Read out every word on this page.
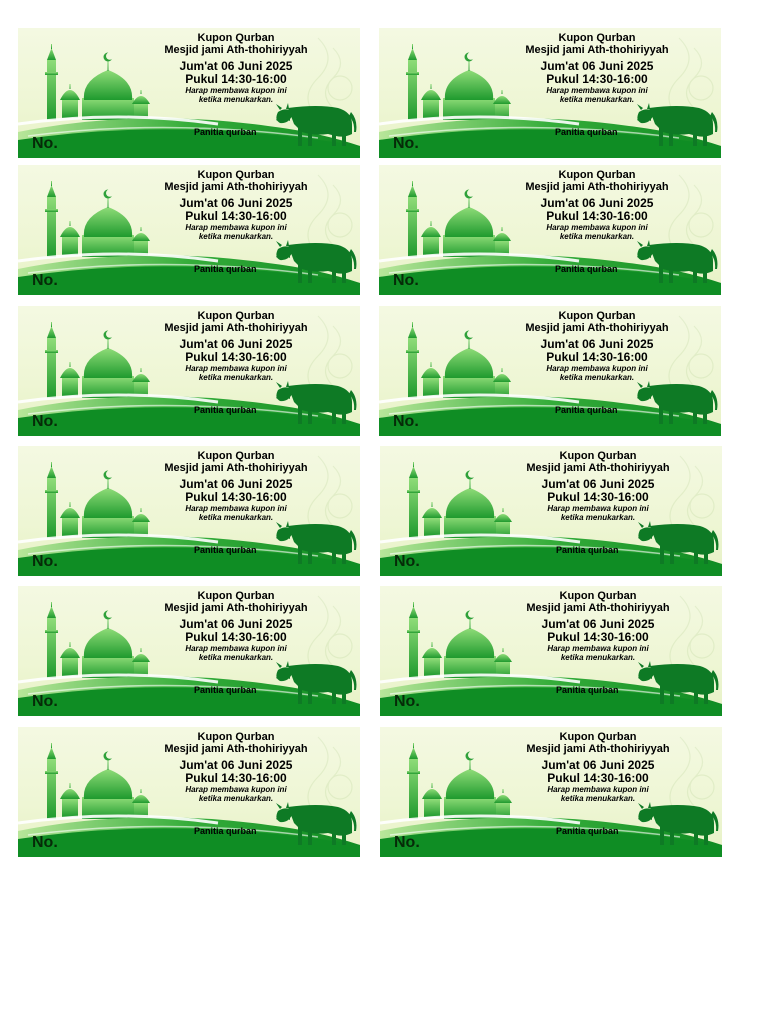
Kupon Qurban
Mesjid jami Ath-thohiriyyah
Jum'at 06 Juni 2025
Pukul 14:30-16:00
Harap membawa kupon ini
ketika menukarkan.
Panitia qurban
No.
Kupon Qurban
Mesjid jami Ath-thohiriyyah
Jum'at 06 Juni 2025
Pukul 14:30-16:00
Harap membawa kupon ini
ketika menukarkan.
Panitia qurban
No.
Kupon Qurban
Mesjid jami Ath-thohiriyyah
Jum'at 06 Juni 2025
Pukul 14:30-16:00
Harap membawa kupon ini
ketika menukarkan.
Panitia qurban
No.
Kupon Qurban
Mesjid jami Ath-thohiriyyah
Jum'at 06 Juni 2025
Pukul 14:30-16:00
Harap membawa kupon ini
ketika menukarkan.
Panitia qurban
No.
Kupon Qurban
Mesjid jami Ath-thohiriyyah
Jum'at 06 Juni 2025
Pukul 14:30-16:00
Harap membawa kupon ini
ketika menukarkan.
Panitia qurban
No.
Kupon Qurban
Mesjid jami Ath-thohiriyyah
Jum'at 06 Juni 2025
Pukul 14:30-16:00
Harap membawa kupon ini
ketika menukarkan.
Panitia qurban
No.
Kupon Qurban
Mesjid jami Ath-thohiriyyah
Jum'at 06 Juni 2025
Pukul 14:30-16:00
Harap membawa kupon ini
ketika menukarkan.
Panitia qurban
No.
Kupon Qurban
Mesjid jami Ath-thohiriyyah
Jum'at 06 Juni 2025
Pukul 14:30-16:00
Harap membawa kupon ini
ketika menukarkan.
Panitia qurban
No.
Kupon Qurban
Mesjid jami Ath-thohiriyyah
Jum'at 06 Juni 2025
Pukul 14:30-16:00
Harap membawa kupon ini
ketika menukarkan.
Panitia qurban
No.
Kupon Qurban
Mesjid jami Ath-thohiriyyah
Jum'at 06 Juni 2025
Pukul 14:30-16:00
Harap membawa kupon ini
ketika menukarkan.
Panitia qurban
No.
Kupon Qurban
Mesjid jami Ath-thohiriyyah
Jum'at 06 Juni 2025
Pukul 14:30-16:00
Harap membawa kupon ini
ketika menukarkan.
Panitia qurban
No.
Kupon Qurban
Mesjid jami Ath-thohiriyyah
Jum'at 06 Juni 2025
Pukul 14:30-16:00
Harap membawa kupon ini
ketika menukarkan.
Panitia qurban
No.
